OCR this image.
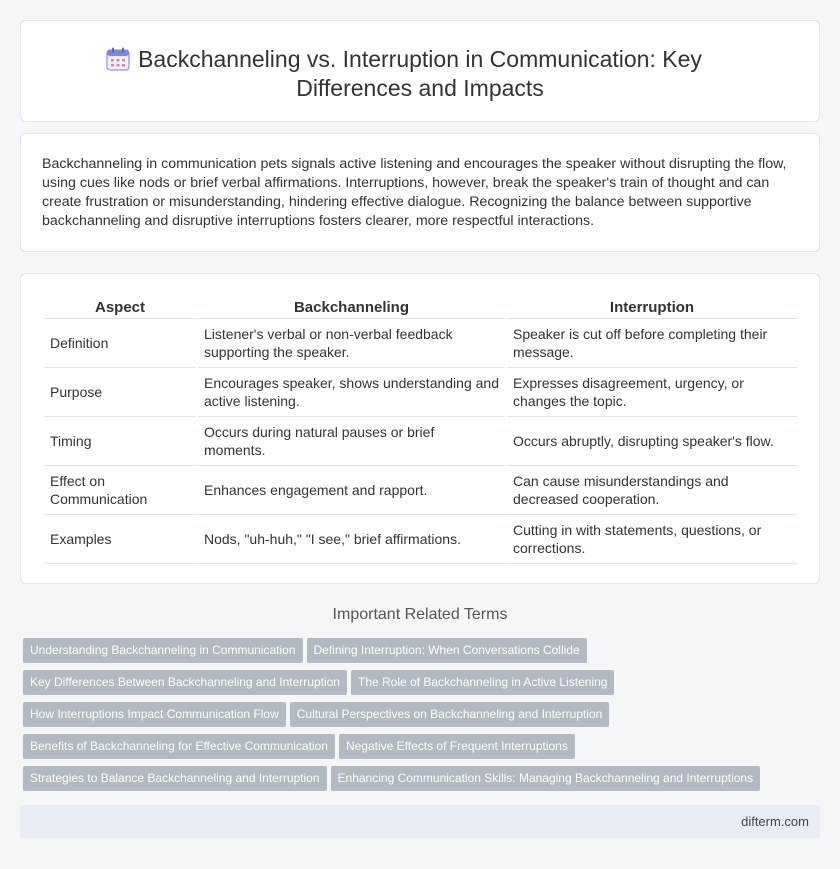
Backchanneling vs. Interruption in Communication: Key
Differences and Impacts

Backchanneling in communication pets signals active listening and encourages the speaker without disrupting the flow, using cues like nods or brief verbal affirmations. Interruptions, however, break the speaker's train of thought and can create frustration or misunderstanding, hindering effective dialogue. Recognizing the balance between supportive backchanneling and disruptive interruptions fosters clearer, more respectful interactions.

Aspect	Backchanneling	Interruption
Definition	Listener's verbal or non-verbal feedback supporting the speaker.	Speaker is cut off before completing their message.
Purpose	Encourages speaker, shows understanding and active listening.	Expresses disagreement, urgency, or changes the topic.
Timing	Occurs during natural pauses or brief moments.	Occurs abruptly, disrupting speaker's flow.
Effect on Communication	Enhances engagement and rapport.	Can cause misunderstandings and decreased cooperation.
Examples	Nods, "uh-huh," "I see," brief affirmations.	Cutting in with statements, questions, or corrections.
Important Related Terms
Understanding Backchanneling in Communication Defining Interruption: When Conversations Collide
Key Differences Between Backchanneling and Interruption The Role of Backchanneling in Active Listening
How Interruptions Impact Communication Flow Cultural Perspectives on Backchanneling and Interruption
Benefits of Backchanneling for Effective Communication Negative Effects of Frequent Interruptions
Strategies to Balance Backchanneling and Interruption Enhancing Communication Skills: Managing Backchanneling and Interruptions
difterm.com
